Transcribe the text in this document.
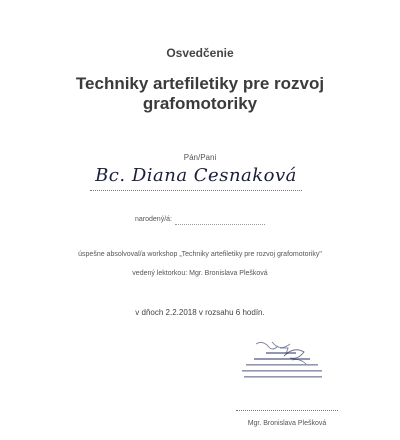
Osvedčenie
Techniky artefiletiky pre rozvoj
grafomotoriky
Pán/Pani
Bc. Diana Cesnaková
narodený/á:
úspešne absolvoval/a workshop „Techniky artefiletiky pre rozvoj grafomotoriky"
vedený lektorkou: Mgr. Bronislava Plešková
v dňoch 2.2.2018 v rozsahu 6 hodín.
Mgr. Bronislava Plešková
